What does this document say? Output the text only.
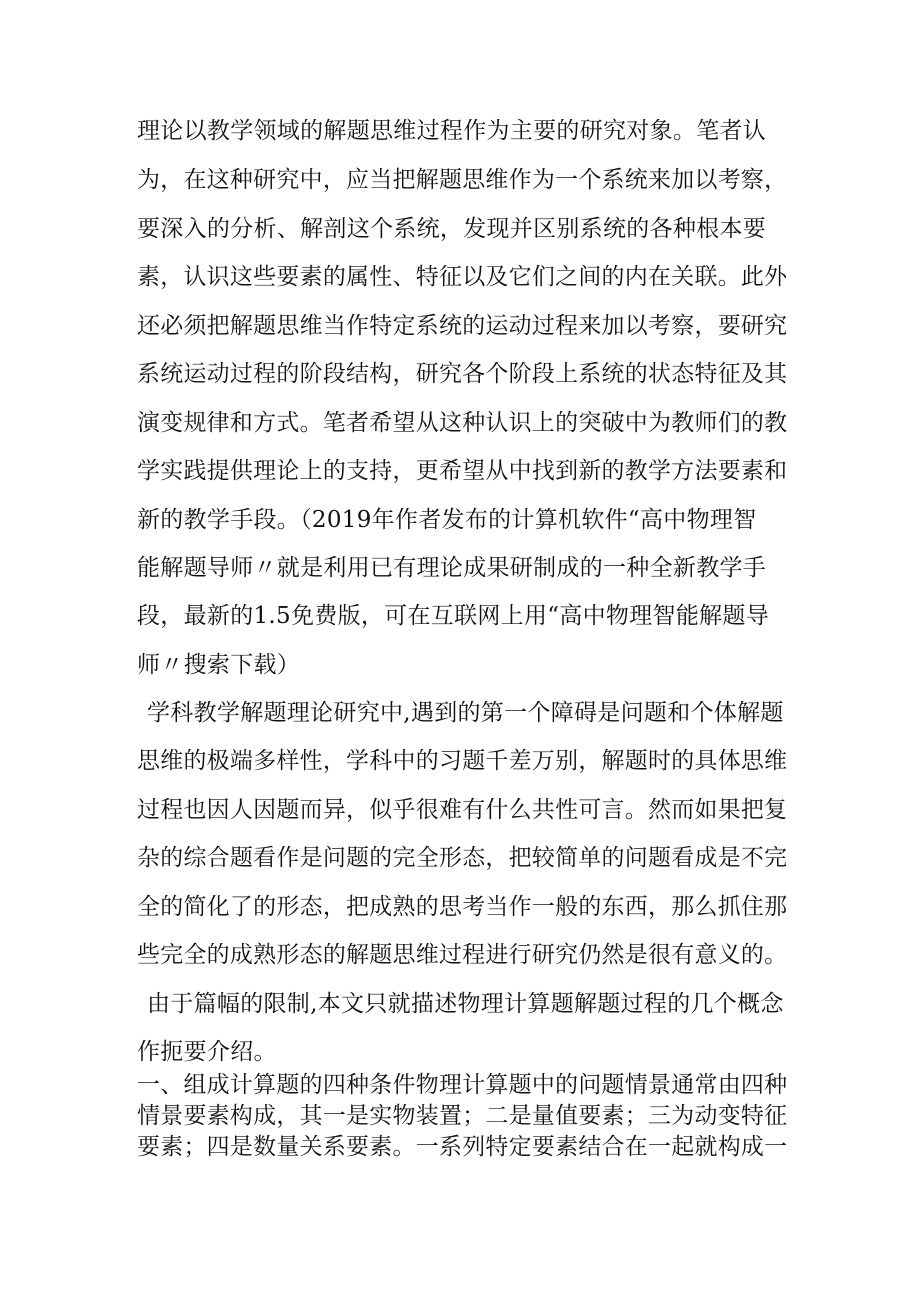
理论以教学领域的解题思维过程作为主要的研究对象。笔者认
为，在这种研究中，应当把解题思维作为一个系统来加以考察，
要深入的分析、解剖这个系统，发现并区别系统的各种根本要
素，认识这些要素的属性、特征以及它们之间的内在关联。此外
还必须把解题思维当作特定系统的运动过程来加以考察，要研究
系统运动过程的阶段结构，研究各个阶段上系统的状态特征及其
演变规律和方式。笔者希望从这种认识上的突破中为教师们的教
学实践提供理论上的支持，更希望从中找到新的教学方法要素和
新的教学手段。（2019年作者发布的计算机软件“高中物理智
能解题导师〃就是利用已有理论成果研制成的一种全新教学手
段，最新的1.5免费版，可在互联网上用“高中物理智能解题导
师〃搜索下载）
学科教学解题理论研究中,遇到的第一个障碍是问题和个体解题
思维的极端多样性，学科中的习题千差万别，解题时的具体思维
过程也因人因题而异，似乎很难有什么共性可言。然而如果把复
杂的综合题看作是问题的完全形态，把较简单的问题看成是不完
全的简化了的形态，把成熟的思考当作一般的东西，那么抓住那
些完全的成熟形态的解题思维过程进行研究仍然是很有意义的。
由于篇幅的限制,本文只就描述物理计算题解题过程的几个概念
作扼要介绍。
一、组成计算题的四种条件物理计算题中的问题情景通常由四种
情景要素构成，其一是实物装置；二是量值要素；三为动变特征
要素；四是数量关系要素。一系列特定要素结合在一起就构成一
